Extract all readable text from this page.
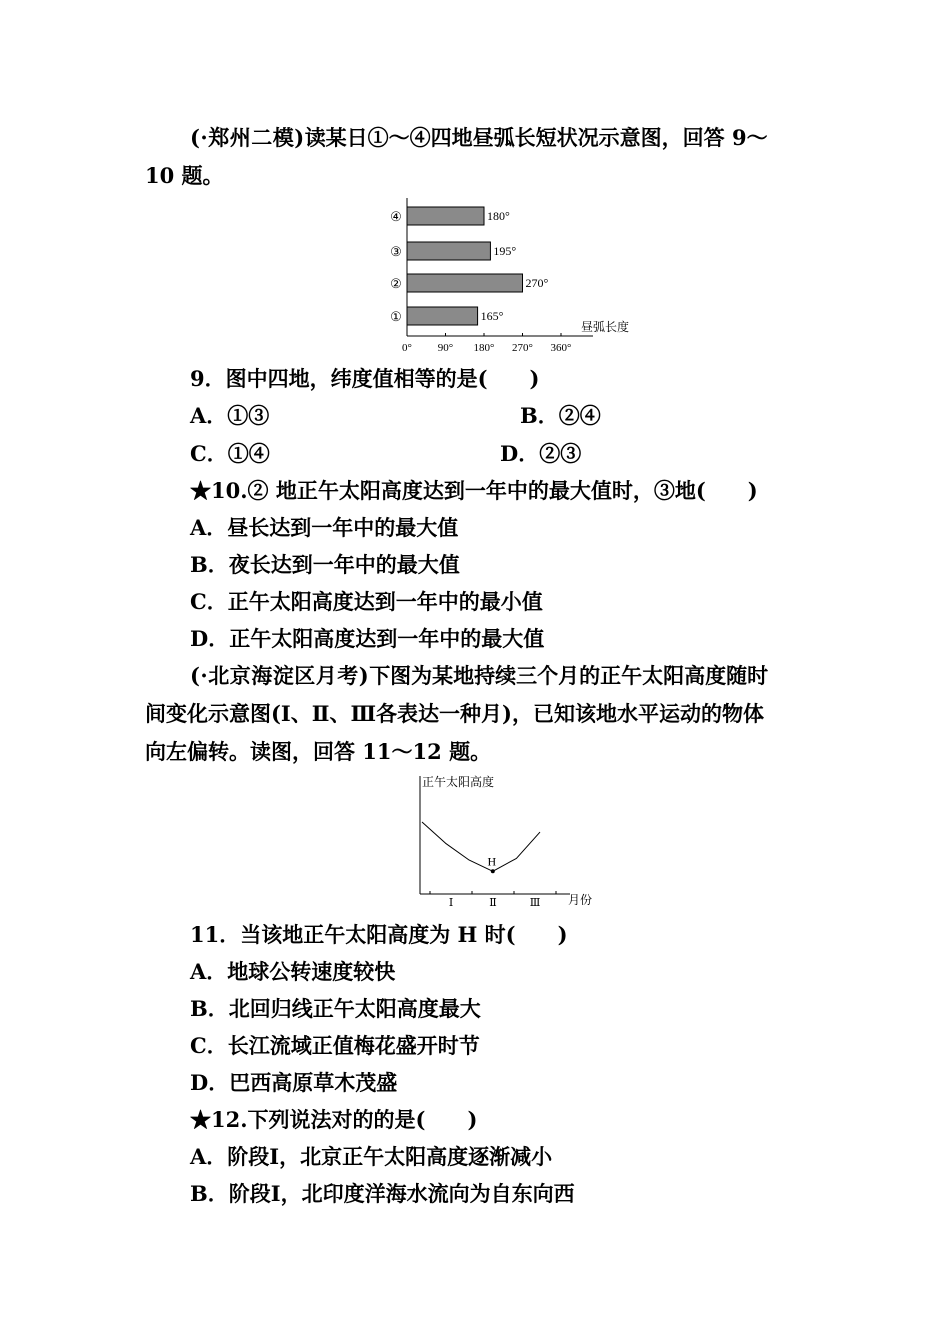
(·郑州二模)读某日①～④四地昼弧长短状况示意图，回答 9～
10 题。
0° 90° 180° 270° 360°
昼弧长度
165°
①
270°
②
195°
③
180°
④
9．图中四地，纬度值相等的是(　　)
A．①③	B．②④
C．①④	D．②③
★10.② 地正午太阳高度达到一年中的最大值时，③地(　　)
A．昼长达到一年中的最大值
B．夜长达到一年中的最大值
C．正午太阳高度达到一年中的最小值
D．正午太阳高度达到一年中的最大值
(·北京海淀区月考)下图为某地持续三个月的正午太阳高度随时
间变化示意图(Ⅰ、Ⅱ、Ⅲ各表达一种月)，已知该地水平运动的物体
向左偏转。读图，回答 11～12 题。
正午太阳高度
月份
Ⅰ	Ⅱ	Ⅲ
H
11．当该地正午太阳高度为 H 时(　　)
A．地球公转速度较快
B．北回归线正午太阳高度最大
C．长江流域正值梅花盛开时节
D．巴西高原草木茂盛
★12.下列说法对的的是(　　)
A．阶段Ⅰ，北京正午太阳高度逐渐减小
B．阶段Ⅰ，北印度洋海水流向为自东向西
